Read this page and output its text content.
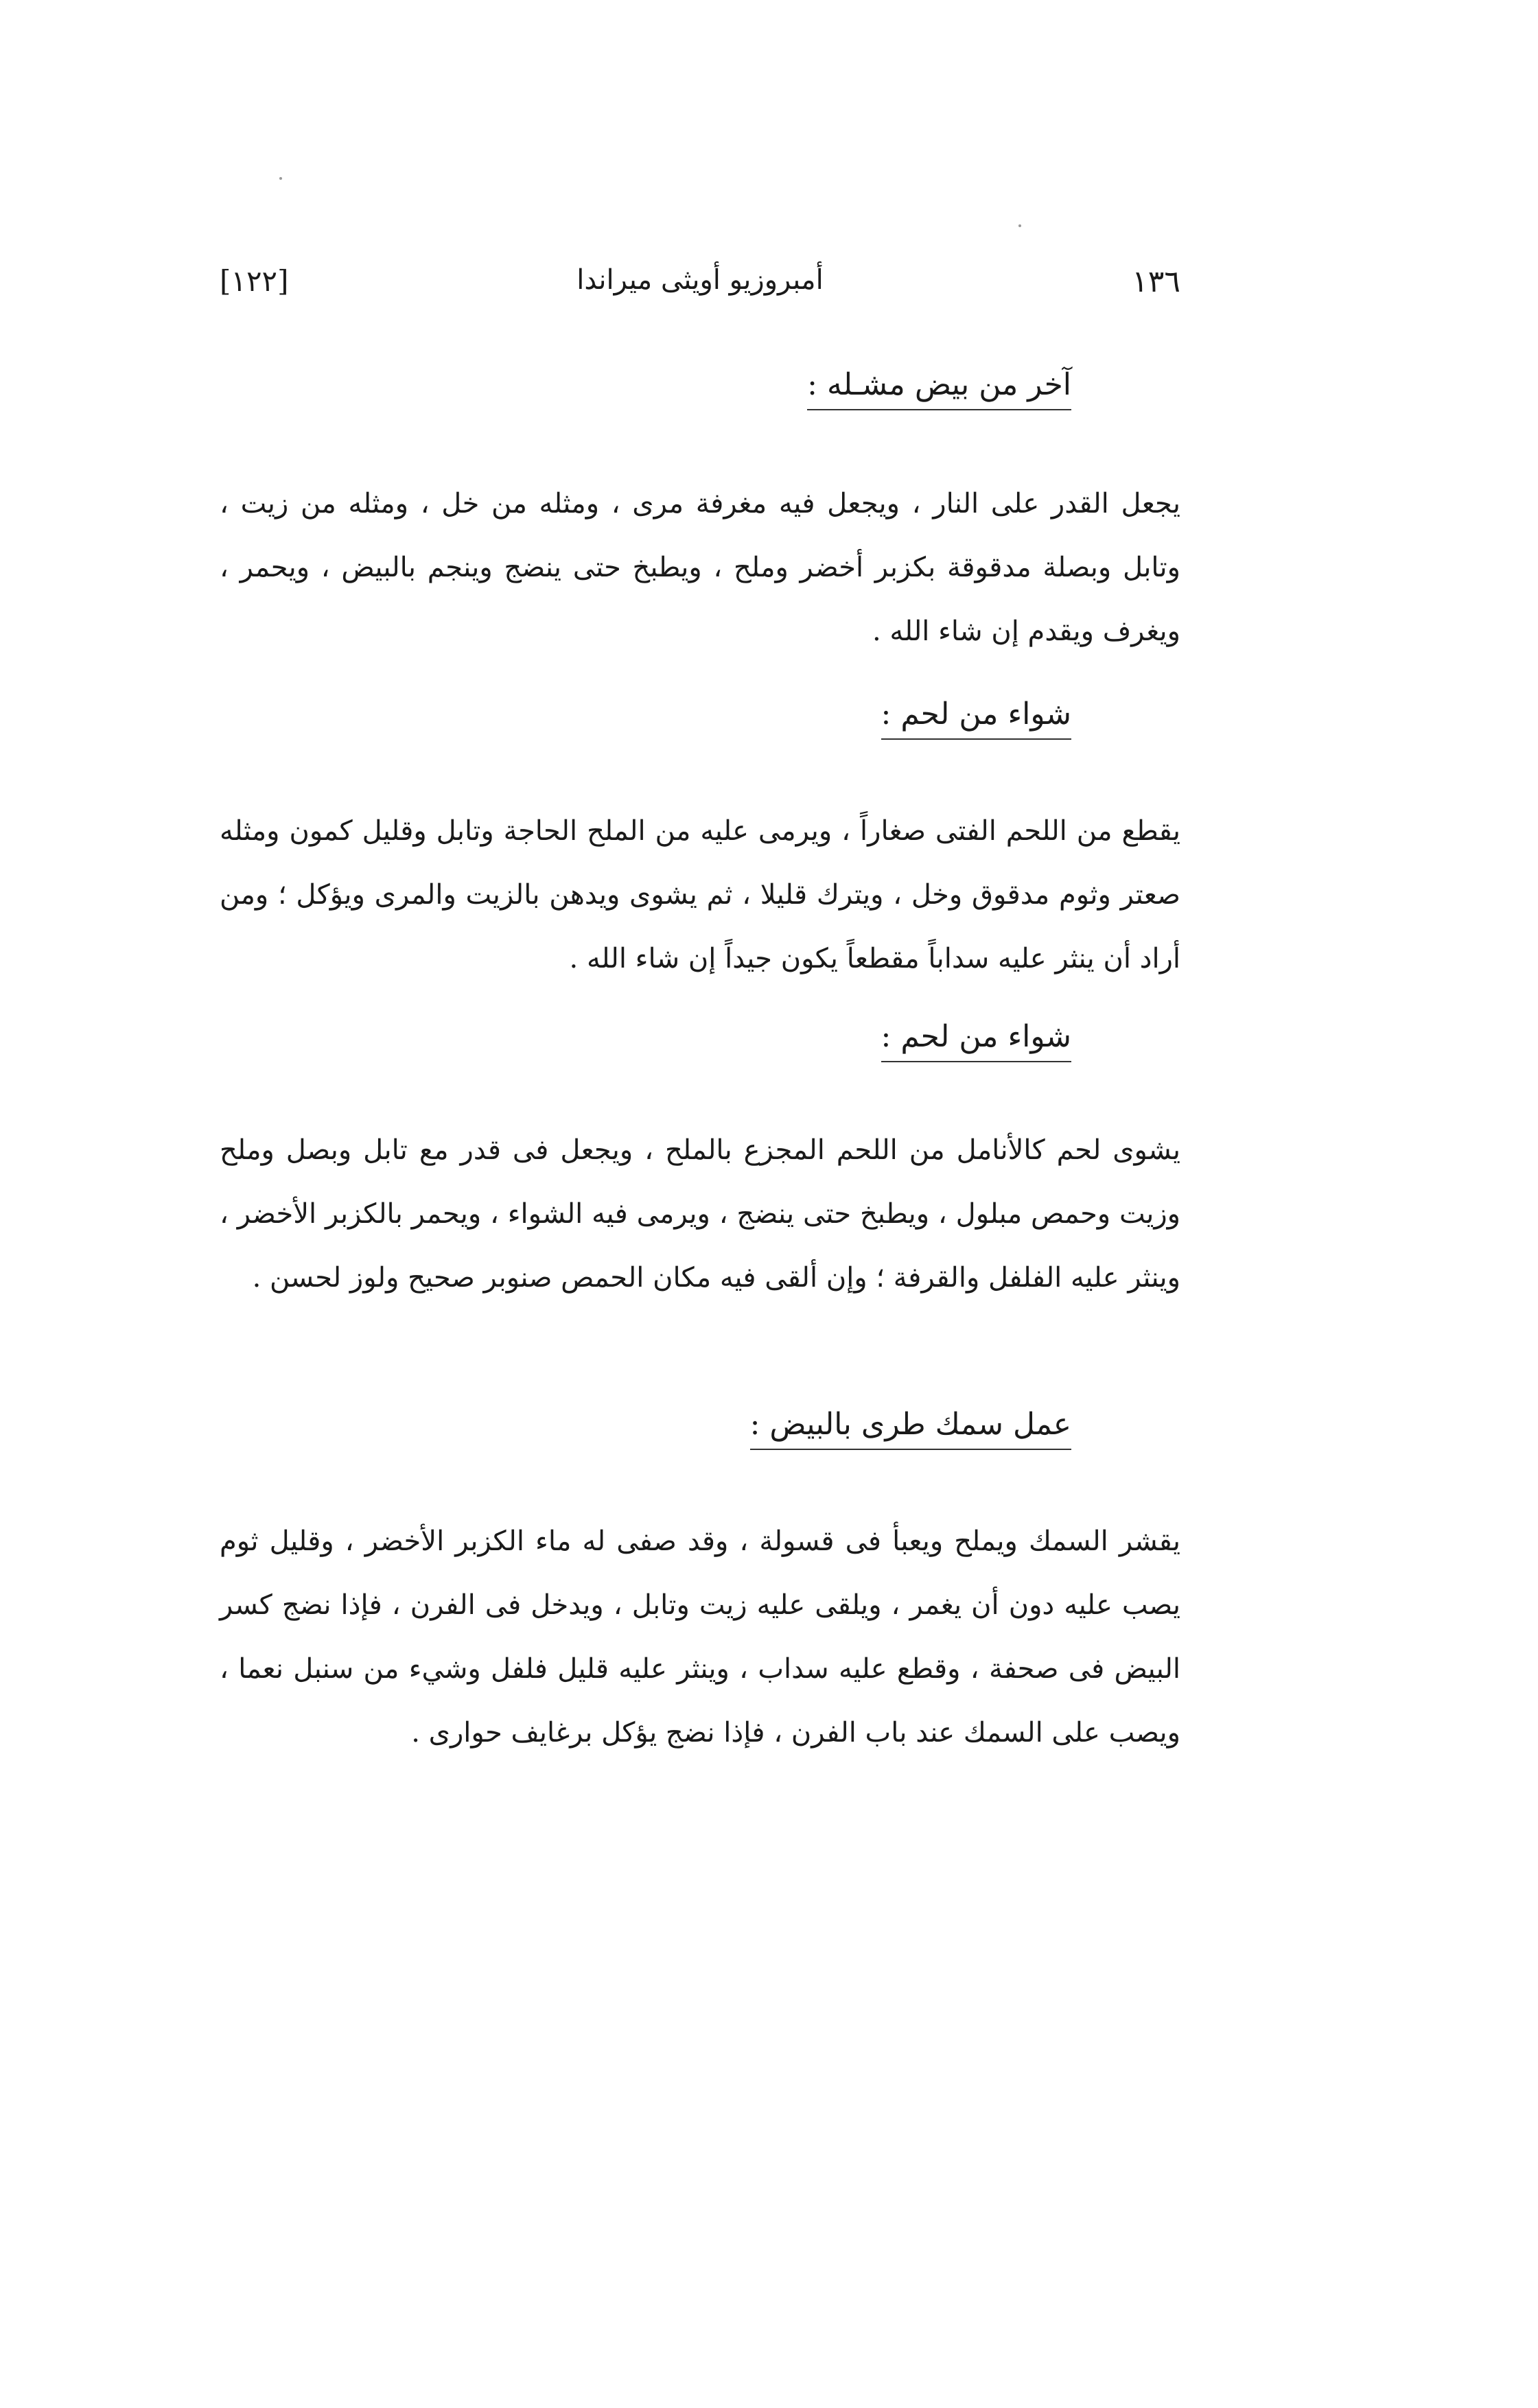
١٣٦
أمبروزيو أويثى ميراندا
[١٢٢]
آخر من بيض مشـله :
يجعل القدر على النار ، ويجعل فيه مغرفة مرى ، ومثله من خل ، ومثله من زيت ، وتابل وبصلة مدقوقة بكزبر أخضر وملح ، ويطبخ حتى ينضج وينجم بالبيض ، ويحمر ، ويغرف ويقدم إن شاء الله .
شواء من لحم :
يقطع من اللحم الفتى صغاراً ، ويرمى عليه من الملح الحاجة وتابل وقليل كمون ومثله صعتر وثوم مدقوق وخل ، ويترك قليلا ، ثم يشوى ويدهن بالزيت والمرى ويؤكل ؛ ومن أراد أن ينثر عليه سداباً مقطعاً يكون جيداً إن شاء الله .
شواء من لحم :
يشوى لحم كالأنامل من اللحم المجزع بالملح ، ويجعل فى قدر مع تابل وبصل وملح وزيت وحمص مبلول ، ويطبخ حتى ينضج ، ويرمى فيه الشواء ، ويحمر بالكزبر الأخضر ، وينثر عليه الفلفل والقرفة ؛ وإن ألقى فيه مكان الحمص صنوبر صحيح ولوز لحسن .
عمل سمك طرى بالبيض :
يقشر السمك ويملح ويعبأ فى قسولة ، وقد صفى له ماء الكزبر الأخضر ، وقليل ثوم يصب عليه دون أن يغمر ، ويلقى عليه زيت وتابل ، ويدخل فى الفرن ، فإذا نضج كسر البيض فى صحفة ، وقطع عليه سداب ، وينثر عليه قليل فلفل وشيء من سنبل نعما ، ويصب على السمك عند باب الفرن ، فإذا نضج يؤكل برغايف حوارى .
